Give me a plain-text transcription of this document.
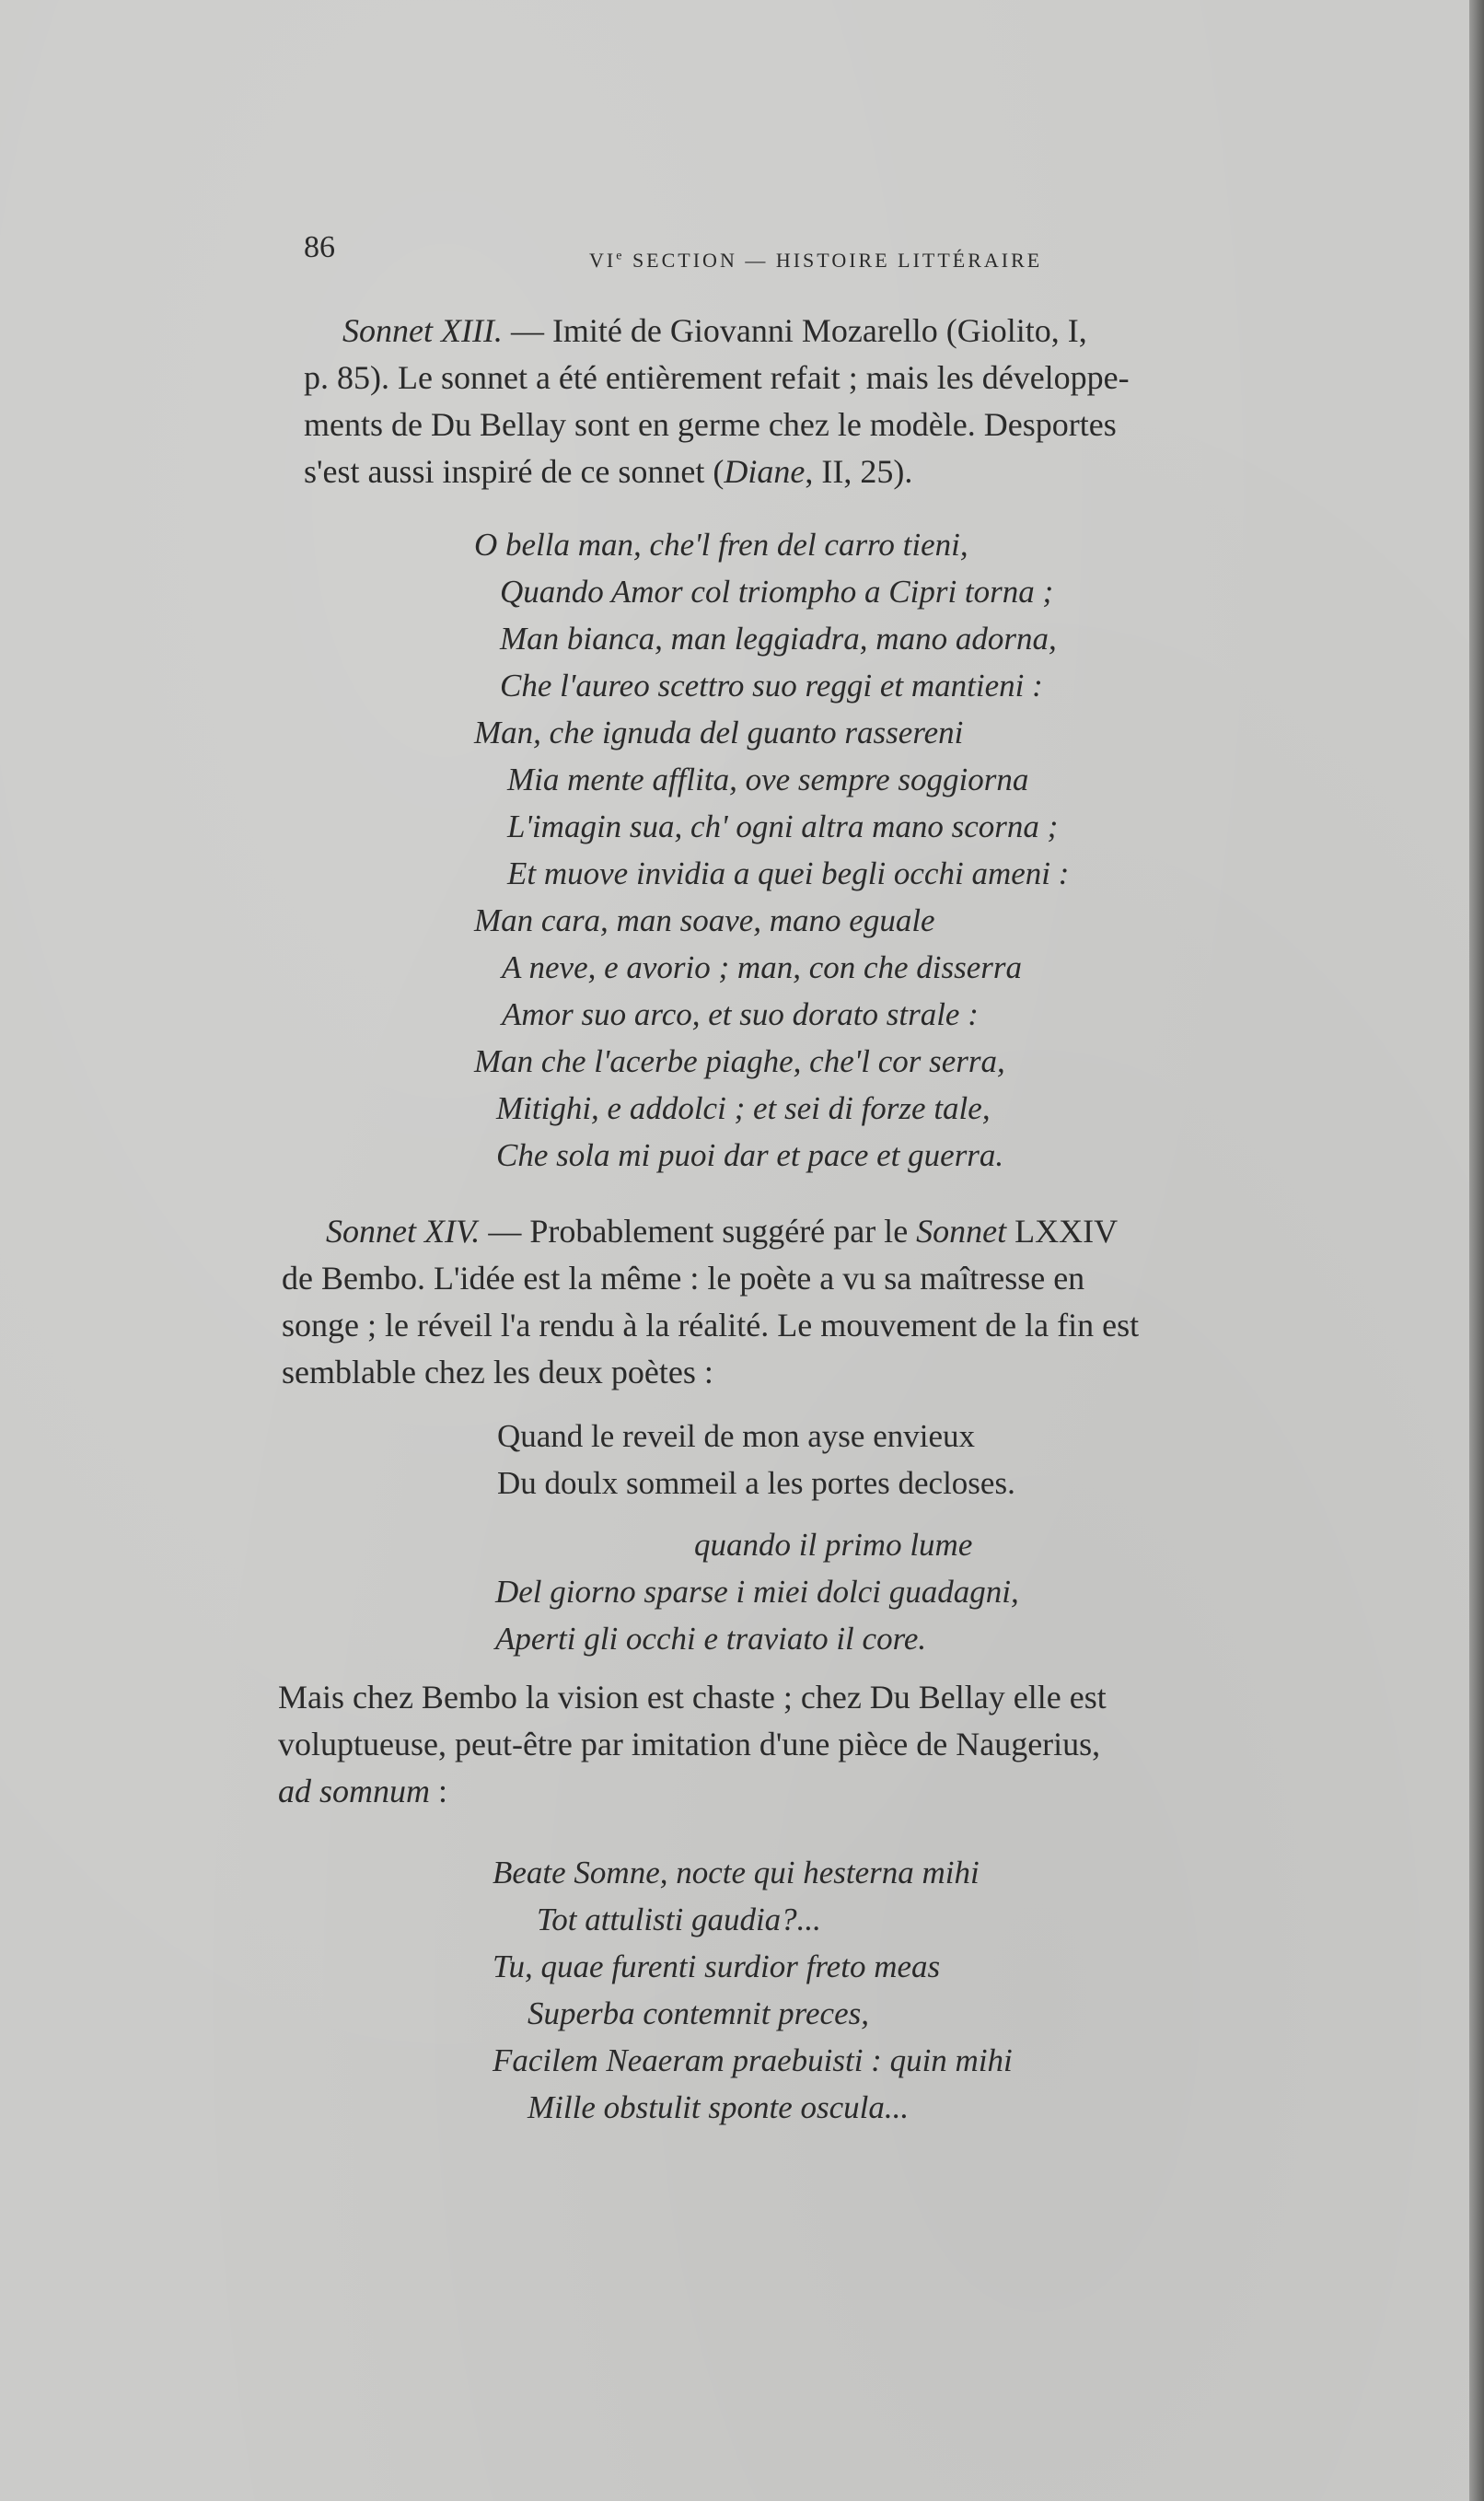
86	VIe SECTION — HISTOIRE LITTÉRAIRE

Sonnet XIII. — Imité de Giovanni Mozarello (Giolito, I,

p. 85). Le sonnet a été entièrement refait ; mais les développe-

ments de Du Bellay sont en germe chez le modèle. Desportes

s'est aussi inspiré de ce sonnet (Diane, II, 25).

O bella man, che'l fren del carro tieni,

Quando Amor col triompho a Cipri torna ;

Man bianca, man leggiadra, mano adorna,

Che l'aureo scettro suo reggi et mantieni :

Man, che ignuda del guanto rassereni

Mia mente afflita, ove sempre soggiorna

L'imagin sua, ch' ogni altra mano scorna ;

Et muove invidia a quei begli occhi ameni :

Man cara, man soave, mano eguale

A neve, e avorio ; man, con che disserra

Amor suo arco, et suo dorato strale :

Man che l'acerbe piaghe, che'l cor serra,

Mitighi, e addolci ; et sei di forze tale,

Che sola mi puoi dar et pace et guerra.

Sonnet XIV. — Probablement suggéré par le Sonnet LXXIV

de Bembo. L'idée est la même : le poète a vu sa maîtresse en

songe ; le réveil l'a rendu à la réalité. Le mouvement de la fin est

semblable chez les deux poètes :

Quand le reveil de mon ayse envieux

Du doulx sommeil a les portes decloses.

quando il primo lume

Del giorno sparse i miei dolci guadagni,

Aperti gli occhi e traviato il core.

Mais chez Bembo la vision est chaste ; chez Du Bellay elle est

voluptueuse, peut-être par imitation d'une pièce de Naugerius,

ad somnum :

Beate Somne, nocte qui hesterna mihi

Tot attulisti gaudia?...

Tu, quae furenti surdior freto meas

Superba contemnit preces,

Facilem Neaeram praebuisti : quin mihi

Mille obstulit sponte oscula...
